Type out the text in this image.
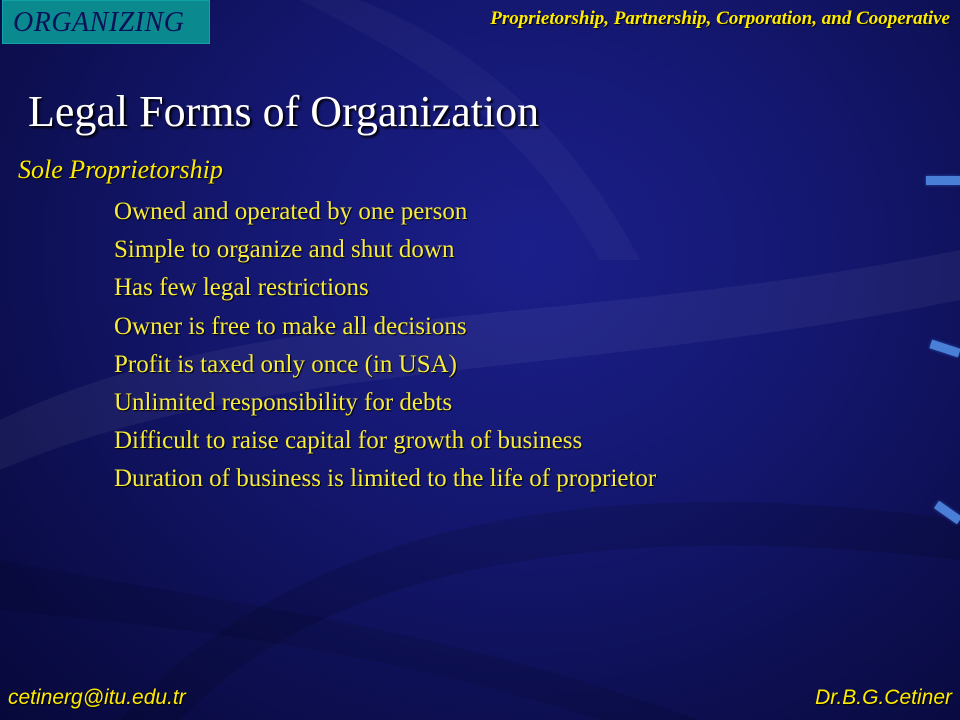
ORGANIZING	Proprietorship, Partnership, Corporation, and Cooperative
Legal Forms of Organization
Sole Proprietorship
Owned and operated by one person
Simple to organize and shut down
Has few legal restrictions
Owner is free to make all decisions
Profit is taxed only once (in USA)
Unlimited responsibility for debts
Difficult to raise capital for growth of business
Duration of business is limited to the life of proprietor
cetinerg@itu.edu.tr	Dr.B.G.Cetiner
